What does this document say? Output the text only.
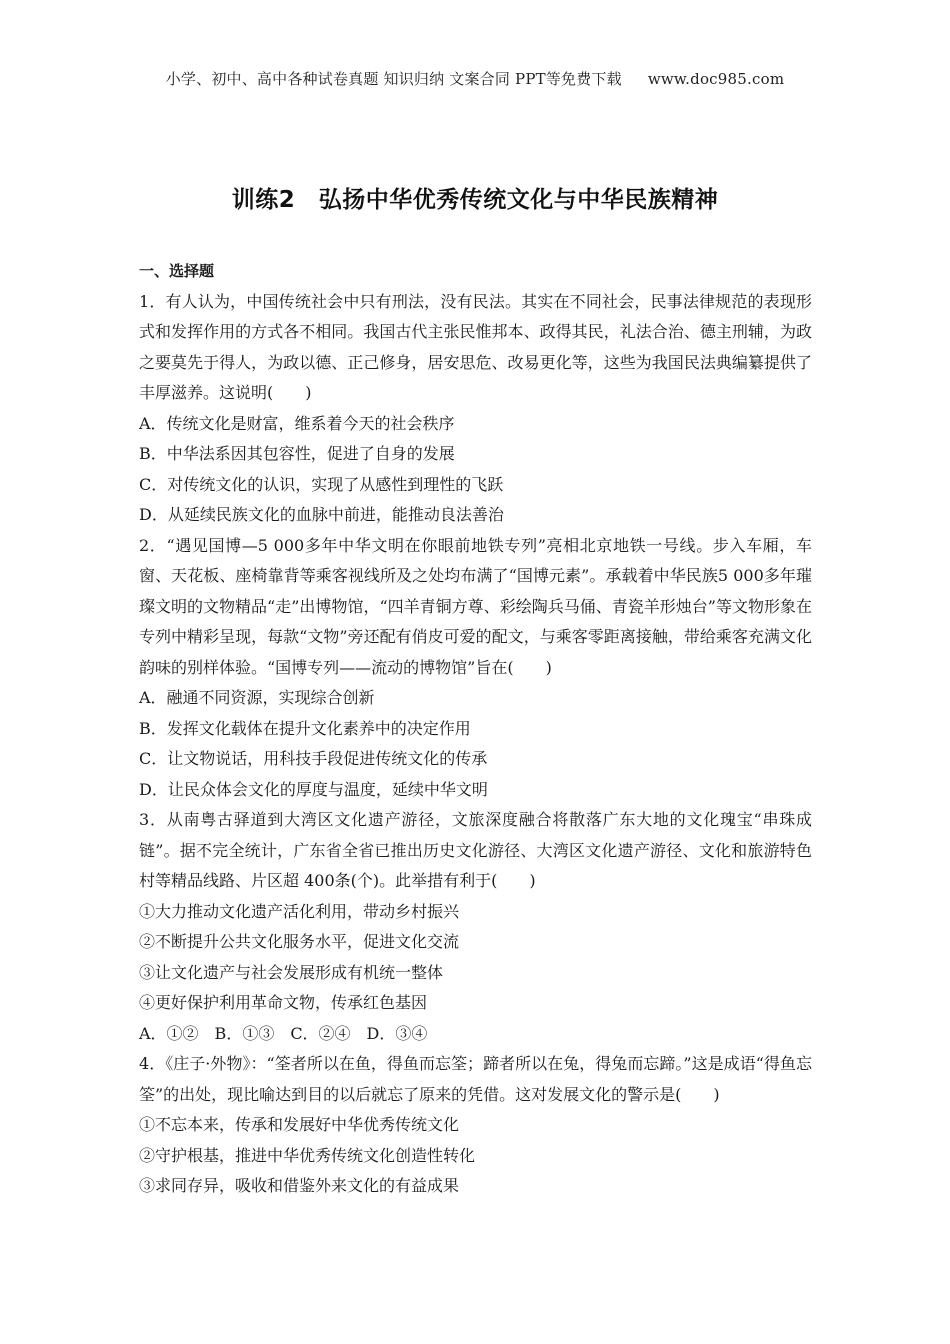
小学、初中、高中各种试卷真题 知识归纳 文案合同 PPT等免费下载 www.doc985.com
训练2　弘扬中华优秀传统文化与中华民族精神
一、选择题
1．有人认为，中国传统社会中只有刑法，没有民法。其实在不同社会，民事法律规范的表现形式和发挥作用的方式各不相同。我国古代主张民惟邦本、政得其民，礼法合治、德主刑辅，为政之要莫先于得人，为政以德、正己修身，居安思危、改易更化等，这些为我国民法典编纂提供了丰厚滋养。这说明(　　)
A．传统文化是财富，维系着今天的社会秩序
B．中华法系因其包容性，促进了自身的发展
C．对传统文化的认识，实现了从感性到理性的飞跃
D．从延续民族文化的血脉中前进，能推动良法善治
2．“遇见国博—5 000多年中华文明在你眼前地铁专列”亮相北京地铁一号线。步入车厢，车窗、天花板、座椅靠背等乘客视线所及之处均布满了“国博元素”。承载着中华民族5 000多年璀璨文明的文物精品“走”出博物馆，“四羊青铜方尊、彩绘陶兵马俑、青瓷羊形烛台”等文物形象在专列中精彩呈现，每款“文物”旁还配有俏皮可爱的配文，与乘客零距离接触，带给乘客充满文化韵味的别样体验。“国博专列——流动的博物馆”旨在(　　)
A．融通不同资源，实现综合创新
B．发挥文化载体在提升文化素养中的决定作用
C．让文物说话，用科技手段促进传统文化的传承
D．让民众体会文化的厚度与温度，延续中华文明
3．从南粤古驿道到大湾区文化遗产游径，文旅深度融合将散落广东大地的文化瑰宝“串珠成链”。据不完全统计，广东省全省已推出历史文化游径、大湾区文化遗产游径、文化和旅游特色村等精品线路、片区超 400条(个)。此举措有利于(　　)
①大力推动文化遗产活化利用，带动乡村振兴
②不断提升公共文化服务水平，促进文化交流
③让文化遗产与社会发展形成有机统一整体
④更好保护利用革命文物，传承红色基因
A．①②　B．①③　C．②④　D．③④
4．《庄子·外物》：“筌者所以在鱼，得鱼而忘筌；蹄者所以在兔，得兔而忘蹄。”这是成语“得鱼忘筌”的出处，现比喻达到目的以后就忘了原来的凭借。这对发展文化的警示是(　　)
①不忘本来，传承和发展好中华优秀传统文化
②守护根基，推进中华优秀传统文化创造性转化
③求同存异，吸收和借鉴外来文化的有益成果
